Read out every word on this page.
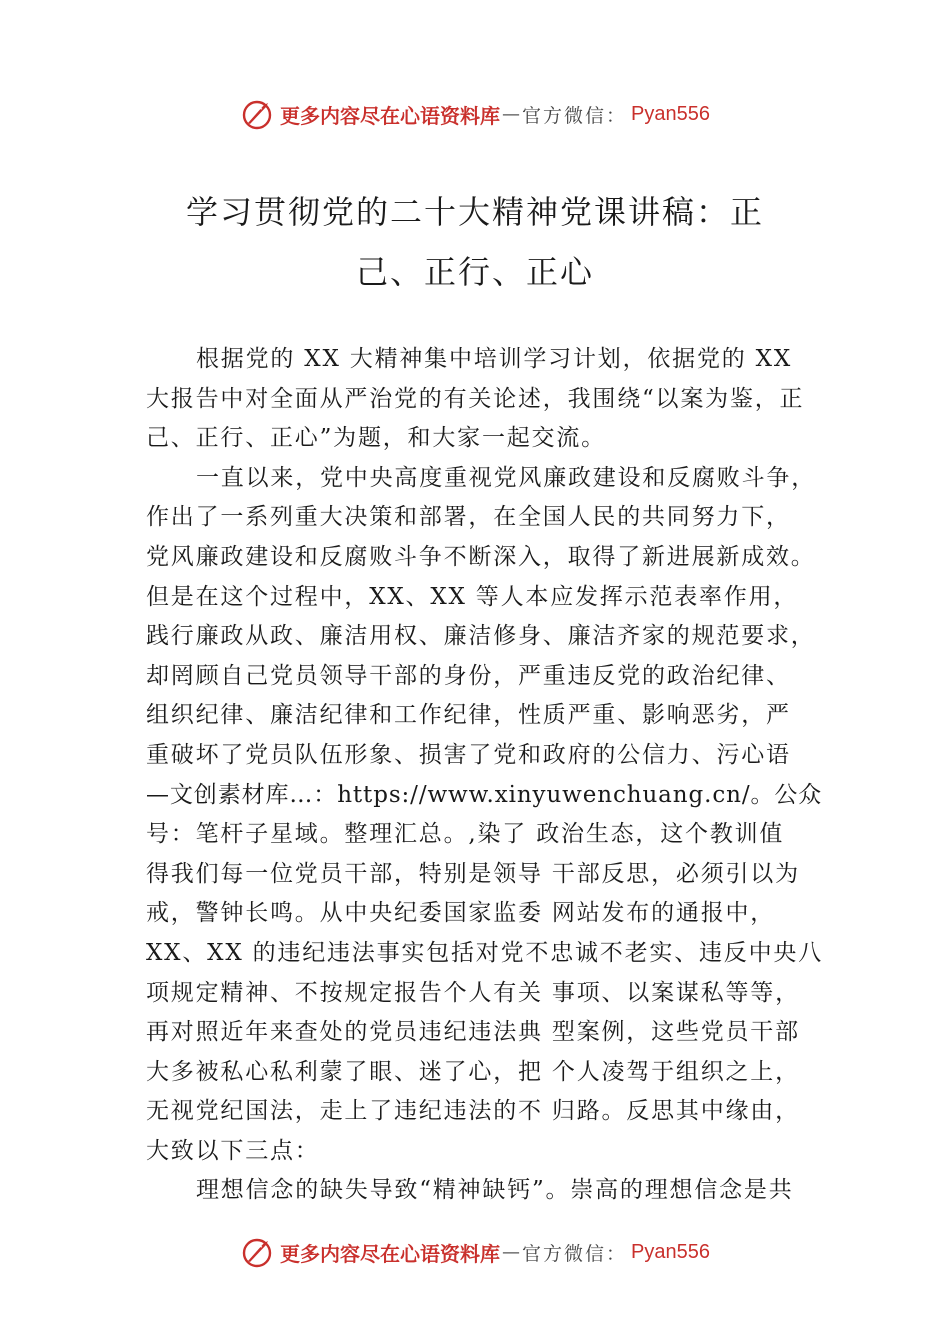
更多内容尽在心语资料库 — 官方微信： Pyan556
学习贯彻党的二十大精神党课讲稿：正
己、正行、正心
根据党的 XX 大精神集中培训学习计划，依据党的 XX
大报告中对全面从严治党的有关论述，我围绕“以案为鉴，正
己、正行、正心”为题，和大家一起交流。
一直以来，党中央高度重视党风廉政建设和反腐败斗争，
作出了一系列重大决策和部署，在全国人民的共同努力下，
党风廉政建设和反腐败斗争不断深入，取得了新进展新成效。
但是在这个过程中，XX、XX 等人本应发挥示范表率作用，
践行廉政从政、廉洁用权、廉洁修身、廉洁齐家的规范要求，
却罔顾自己党员领导干部的身份，严重违反党的政治纪律、
组织纪律、廉洁纪律和工作纪律，性质严重、影响恶劣，严
重破坏了党员队伍形象、损害了党和政府的公信力、污心语
—文创素材库…：https://www.xinyuwenchuang.cn/。公众
号：笔杆子星域。整理汇总。,染了 政治生态，这个教训值
得我们每一位党员干部，特别是领导 干部反思，必须引以为
戒，警钟长鸣。从中央纪委国家监委 网站发布的通报中，
XX、XX 的违纪违法事实包括对党不忠诚不老实、违反中央八
项规定精神、不按规定报告个人有关 事项、以案谋私等等，
再对照近年来查处的党员违纪违法典 型案例，这些党员干部
大多被私心私利蒙了眼、迷了心，把 个人凌驾于组织之上，
无视党纪国法，走上了违纪违法的不 归路。反思其中缘由，
大致以下三点：
理想信念的缺失导致“精神缺钙”。崇高的理想信念是共
更多内容尽在心语资料库 — 官方微信： Pyan556
